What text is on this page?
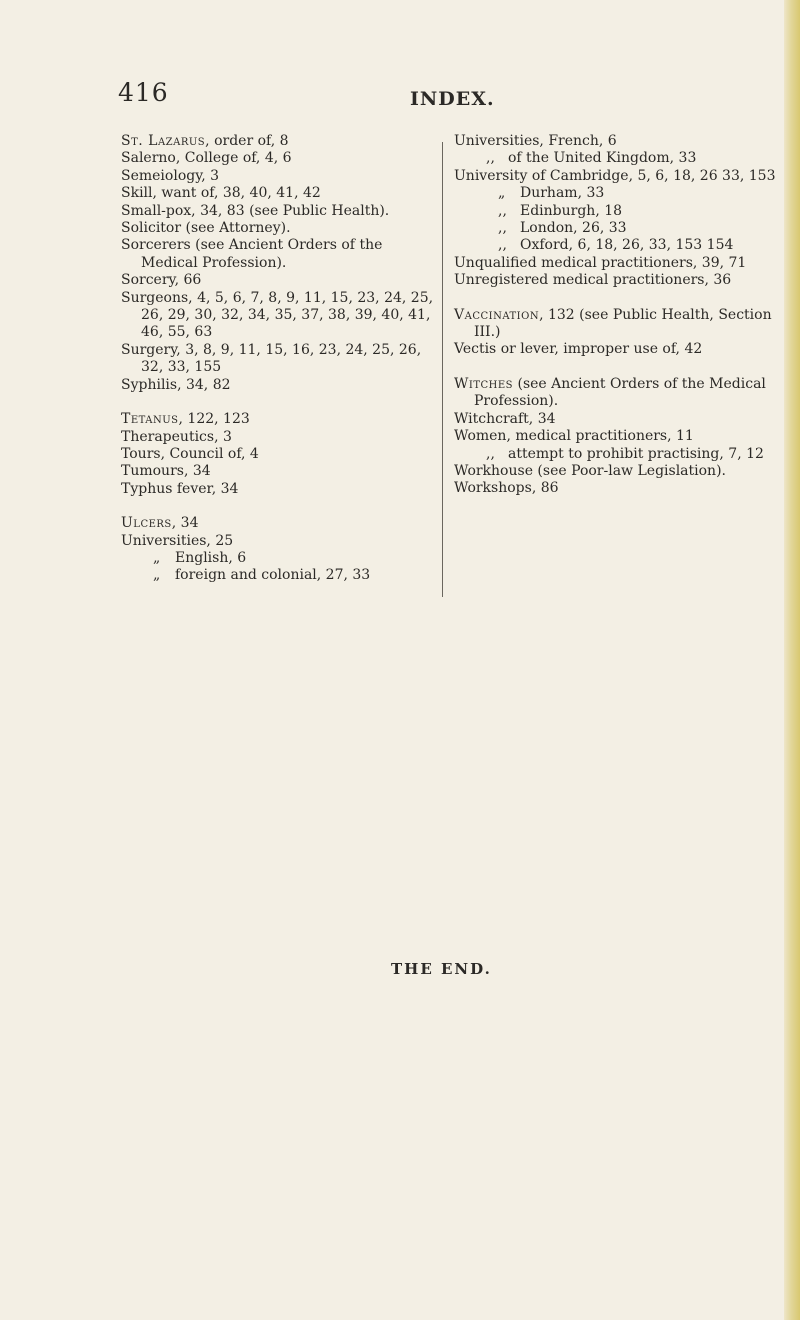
416	INDEX.
St. Lazarus, order of, 8
Salerno, College of, 4, 6
Semeiology, 3
Skill, want of, 38, 40, 41, 42
Small-pox, 34, 83 (see Public Health).
Solicitor (see Attorney).
Sorcerers (see Ancient Orders of the Medical Profession).
Sorcery, 66
Surgeons, 4, 5, 6, 7, 8, 9, 11, 15, 23, 24, 25, 26, 29, 30, 32, 34, 35, 37, 38, 39, 40, 41, 46, 55, 63
Surgery, 3, 8, 9, 11, 15, 16, 23, 24, 25, 26, 32, 33, 155
Syphilis, 34, 82
Tetanus, 122, 123
Therapeutics, 3
Tours, Council of, 4
Tumours, 34
Typhus fever, 34
Ulcers, 34
Universities, 25
„ English, 6
„ foreign and colonial, 27, 33
Universities, French, 6
,, of the United Kingdom, 33
University of Cambridge, 5, 6, 18, 26 33, 153
„ Durham, 33
,, Edinburgh, 18
,, London, 26, 33
,, Oxford, 6, 18, 26, 33, 153 154
Unqualified medical practitioners, 39, 71
Unregistered medical practitioners, 36
Vaccination, 132 (see Public Health, Section III.)
Vectis or lever, improper use of, 42
Witches (see Ancient Orders of the Medical Profession).
Witchcraft, 34
Women, medical practitioners, 11
,, attempt to prohibit practising, 7, 12
Workhouse (see Poor-law Legislation).
Workshops, 86
THE END.
